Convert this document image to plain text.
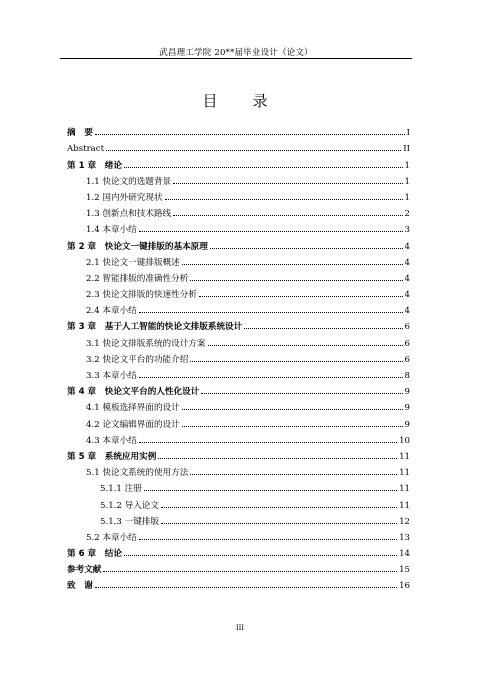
武昌理工学院 20**届毕业设计（论文）
目　录
摘　要	I
Abstract	II
第 1 章　绪论	1
1.1 快论文的选题背景	1
1.2 国内外研究现状	1
1.3 创新点和技术路线	2
1.4 本章小结	3
第 2 章　快论文一键排版的基本原理	4
2.1 快论文一键排版概述	4
2.2 智能排版的准确性分析	4
2.3 快论文排版的快速性分析	4
2.4 本章小结	4
第 3 章　基于人工智能的快论文排版系统设计	6
3.1 快论文排版系统的设计方案	6
3.2 快论文平台的功能介绍	6
3.3 本章小结	8
第 4 章　快论文平台的人性化设计	9
4.1 模板选择界面的设计	9
4.2 论文编辑界面的设计	9
4.3 本章小结	10
第 5 章　系统应用实例	11
5.1 快论文系统的使用方法	11
5.1.1 注册	11
5.1.2 导入论文	11
5.1.3 一键排版	12
5.2 本章小结	13
第 6 章　结论	14
参考文献	15
致　谢	16
III
